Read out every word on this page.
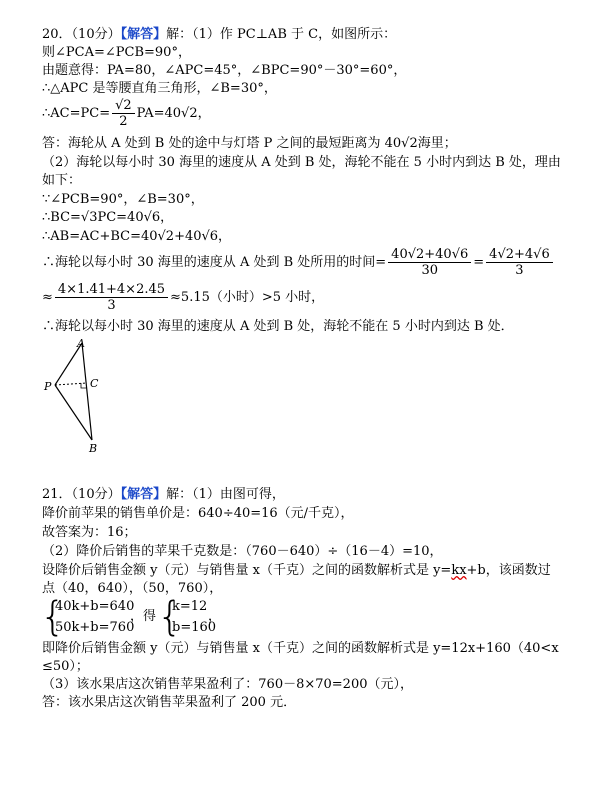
20．（10分）【解答】解：（1）作 PC⊥AB 于 C，如图所示：
则∠PCA=∠PCB=90°，
由题意得：PA=80，∠APC=45°，∠BPC=90°－30°=60°，
∴△APC 是等腰直角三角形，∠B=30°，
∴AC=PC= $\frac{√2}{2} PA=40√2$，
答：海轮从 A 处到 B 处的途中与灯塔 P 之间的最短距离为 40√2海里；
（2）海轮以每小时 30 海里的速度从 A 处到 B 处，海轮不能在 5 小时内到达 B 处，理由
如下：
∵∠PCB=90°，∠B=30°，
∴BC=√3PC=40√6，
∴AB=AC+BC=40√2+40√6，
∴海轮以每小时 30 海里的速度从 A 处到 B 处所用的时间= $\frac{40√2+40√6}{30} = \frac{4√2+4√6}{3}$
≈ $\frac{4\times 1.41+4\times 2.45}{3} \approx 5.15$（小时）>5 小时，
∴海轮以每小时 30 海里的速度从 A 处到 B 处，海轮不能在 5 小时内到达 B 处．
A
P	C
B
21．（10分）【解答】解：（1）由图可得，
降价前苹果的销售单价是：640÷40=16（元/千克），
故答案为：16；
（2）降价后销售的苹果千克数是：（760－640）÷（16－4）=10，
设降价后销售金额 y（元）与销售量 x（千克）之间的函数解析式是 y=kx+b，该函数过
点（40，640），（50，760），
{
40k+b=640
50k+b=760
，得 {
k=12
b=160
，
即降价后销售金额 y（元）与销售量 x（千克）之间的函数解析式是 y=12x+160（40<x
≤50）；
（3）该水果店这次销售苹果盈利了：760－8×70=200（元），
答：该水果店这次销售苹果盈利了 200 元．
